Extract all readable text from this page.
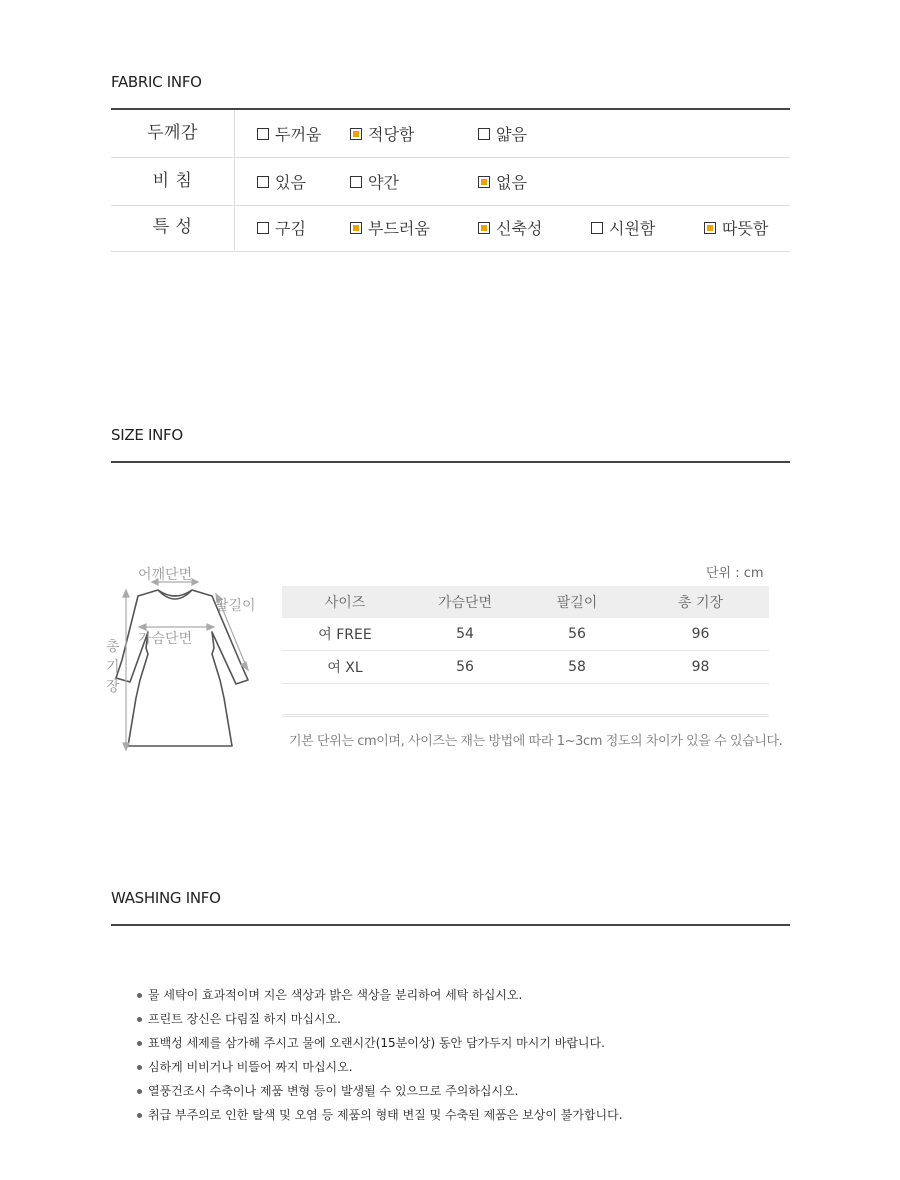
FABRIC INFO
두께감	두꺼움	적당함	얇음
비 침	있음	약간	없음
특 성	구김	부드러움	신축성	시원함	따뜻함
SIZE INFO
어깨단면
팔길이
가슴단면
총
기
장
단위 : cm
사이즈	가슴단면	팔길이	총 기장
여 FREE	54	56	96
여 XL	56	58	98
기본 단위는 cm이며, 사이즈는 재는 방법에 따라 1~3cm 정도의 차이가 있을 수 있습니다.
WASHING INFO
물 세탁이 효과적이며 지은 색상과 밝은 색상을 분리하여 세탁 하십시오.
프린트 장신은 다림질 하지 마십시오.
표백성 세제를 삼가해 주시고 물에 오랜시간(15분이상) 동안 담가두지 마시기 바랍니다.
심하게 비비거나 비뜰어 짜지 마십시오.
열풍건조시 수축이나 제품 변형 등이 발생될 수 있으므로 주의하십시오.
취급 부주의로 인한 탈색 및 오염 등 제품의 형태 변질 및 수축된 제품은 보상이 불가합니다.
